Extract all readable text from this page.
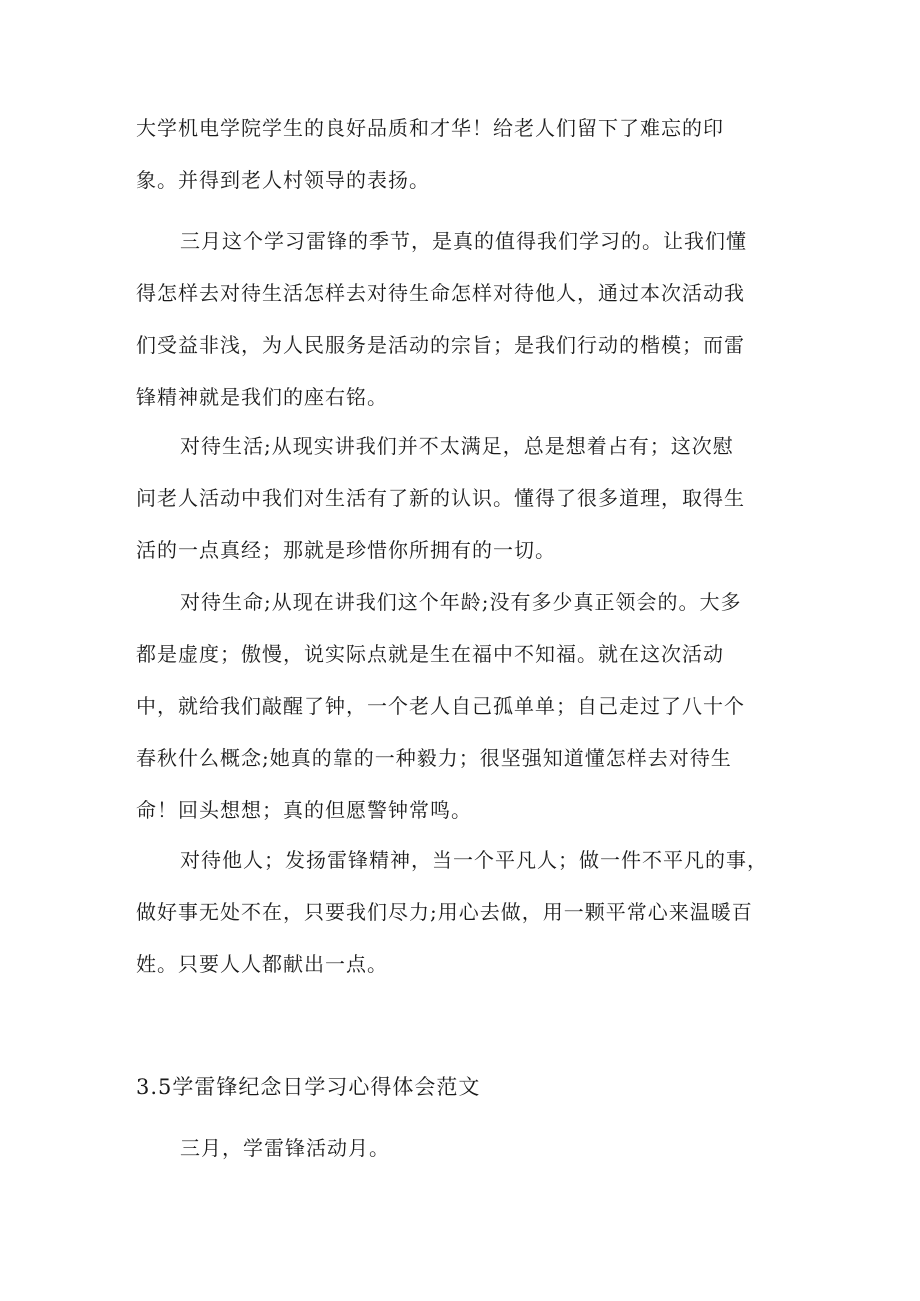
大学机电学院学生的良好品质和才华！给老人们留下了难忘的印
象。并得到老人村领导的表扬。

三月这个学习雷锋的季节，是真的值得我们学习的。让我们懂
得怎样去对待生活怎样去对待生命怎样对待他人，通过本次活动我
们受益非浅，为人民服务是活动的宗旨；是我们行动的楷模；而雷
锋精神就是我们的座右铭。

对待生活;从现实讲我们并不太满足，总是想着占有；这次慰
问老人活动中我们对生活有了新的认识。懂得了很多道理，取得生
活的一点真经；那就是珍惜你所拥有的一切。

对待生命;从现在讲我们这个年龄;没有多少真正领会的。大多
都是虚度；傲慢，说实际点就是生在福中不知福。就在这次活动
中，就给我们敲醒了钟，一个老人自己孤单单；自己走过了八十个
春秋什么概念;她真的靠的一种毅力；很坚强知道懂怎样去对待生
命！回头想想；真的但愿警钟常鸣。

对待他人；发扬雷锋精神，当一个平凡人；做一件不平凡的事，
做好事无处不在，只要我们尽力;用心去做，用一颗平常心来温暖百
姓。只要人人都献出一点。

3.5学雷锋纪念日学习心得体会范文

三月，学雷锋活动月。
